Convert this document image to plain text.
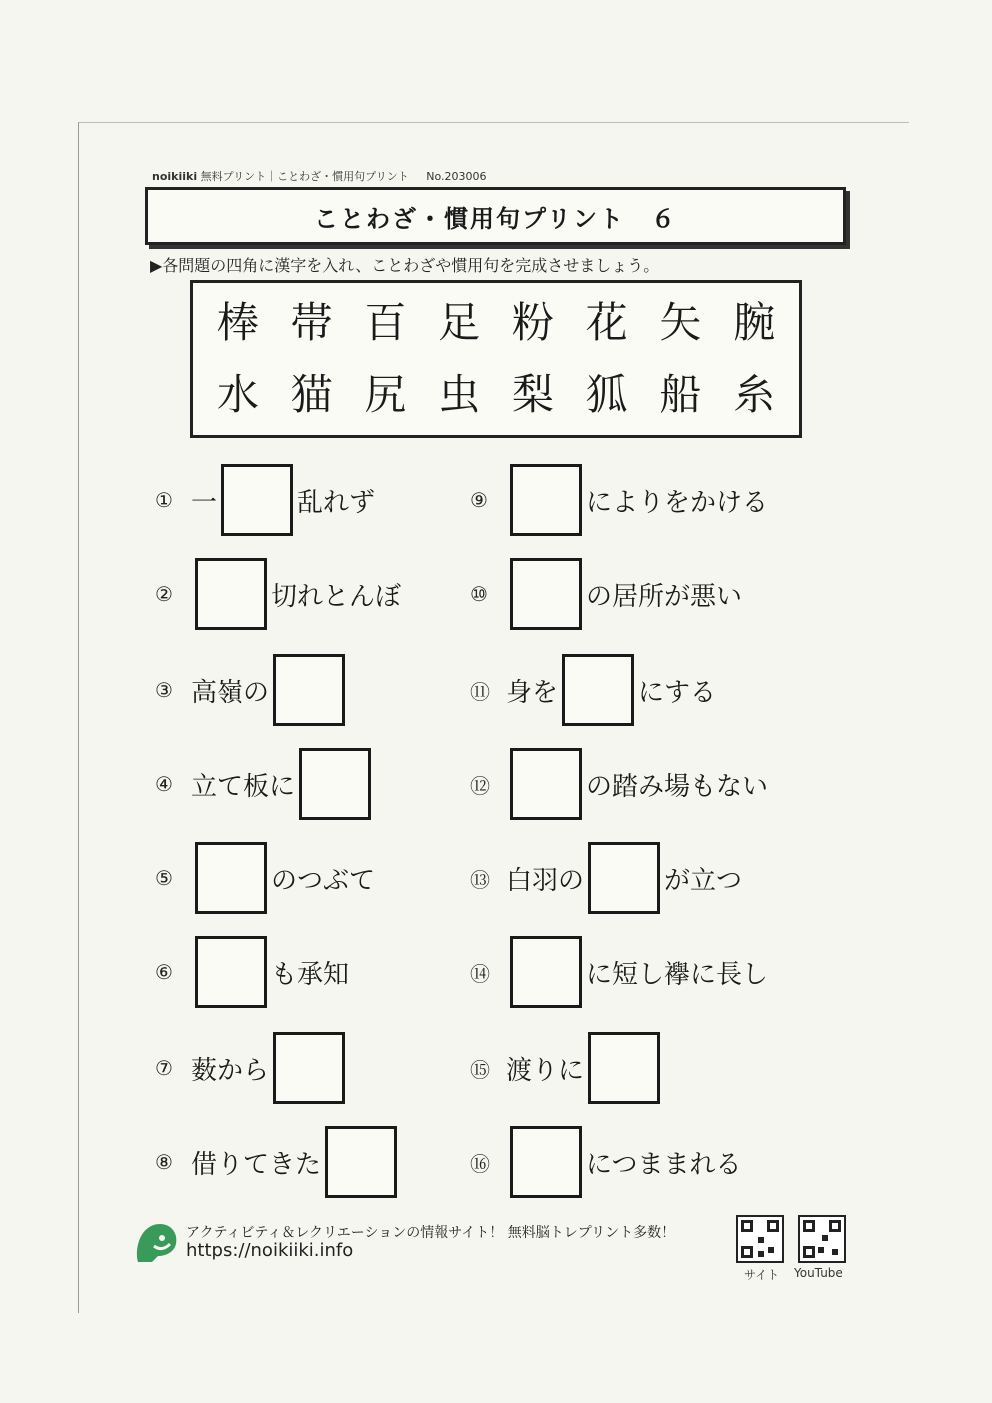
noikiiki 無料プリント｜ことわざ・慣用句プリント No.203006
ことわざ・慣用句プリント　６
▶各問題の四角に漢字を入れ、ことわざや慣用句を完成させましょう。
棒 帯 百 足 粉 花 矢 腕
水 猫 尻 虫 梨 狐 船 糸
① 一	乱れず
②	切れとんぼ
③ 高嶺の
④ 立て板に
⑤	のつぶて
⑥	も承知
⑦ 薮から
⑧ 借りてきた
⑨	によりをかける
⑩	の居所が悪い
⑪ 身を	にする
⑫	の踏み場もない
⑬ 白羽の	が立つ
⑭	に短し襷に長し
⑮ 渡りに
⑯	につままれる
アクティビティ＆レクリエーションの情報サイト！ 無料脳トレプリント多数！
https://noikiiki.info
サイト YouTube
